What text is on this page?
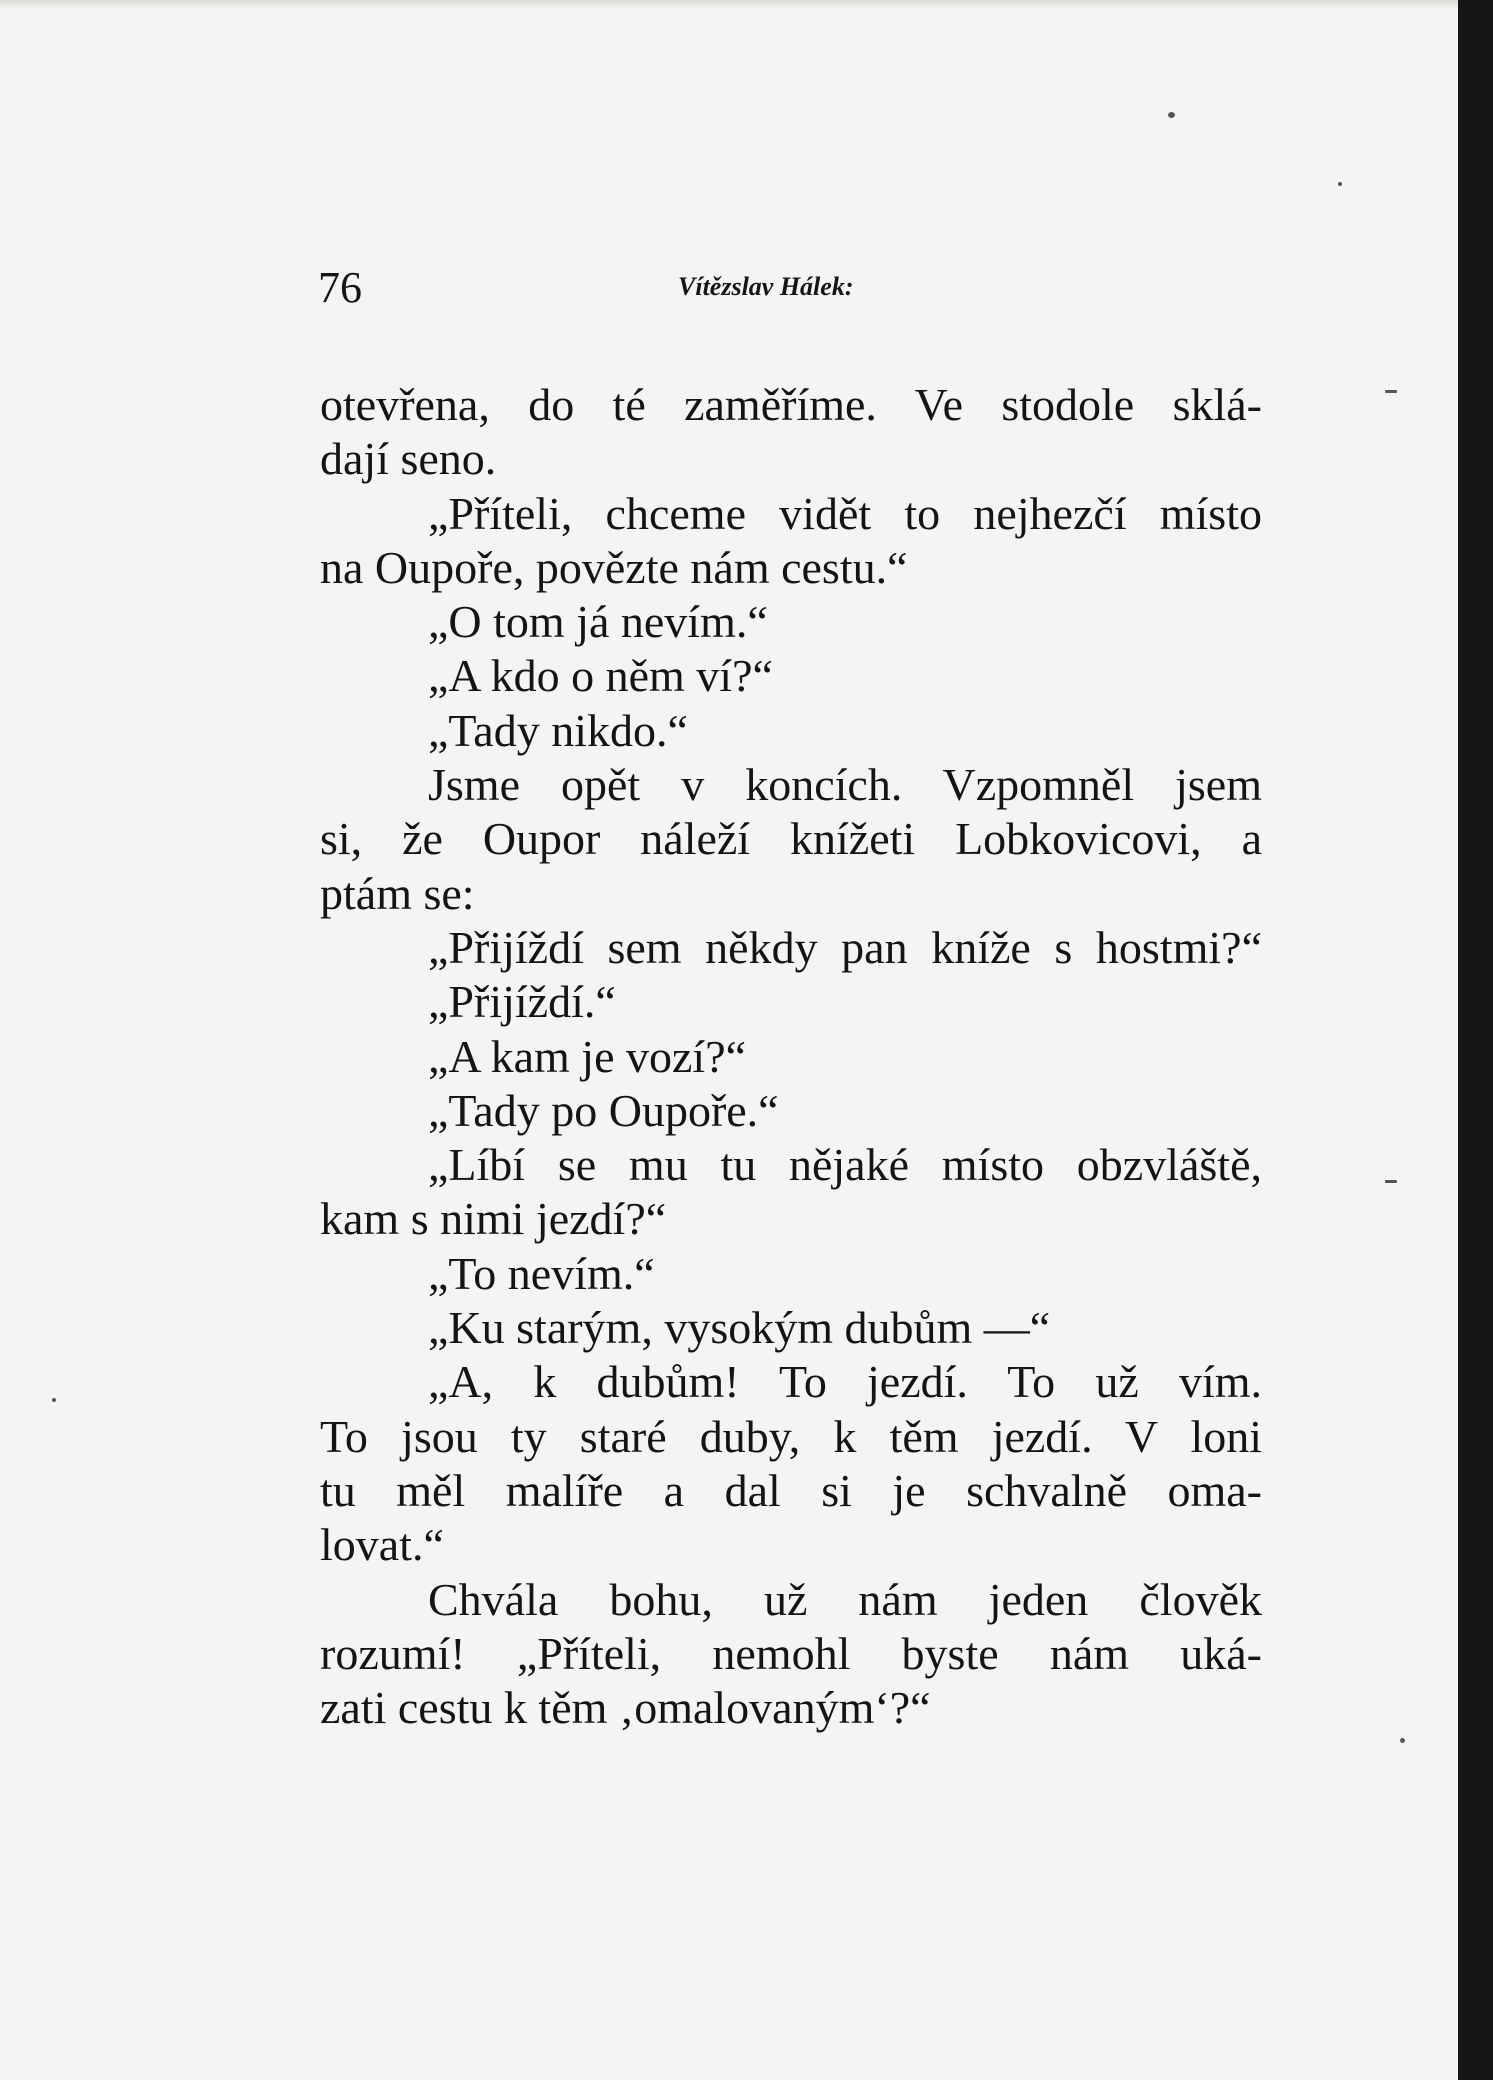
76	Vítězslav Hálek:
otevřena, do té zaměříme. Ve stodole sklá-
dají seno.
„Příteli, chceme vidět to nejhezčí místo
na Oupoře, povězte nám cestu.“
„O tom já nevím.“
„A kdo o něm ví?“
„Tady nikdo.“
Jsme opět v koncích. Vzpomněl jsem
si, že Oupor náleží knížeti Lobkovicovi, a
ptám se:
„Přijíždí sem někdy pan kníže s hostmi?“
„Přijíždí.“
„A kam je vozí?“
„Tady po Oupoře.“
„Líbí se mu tu nějaké místo obzvláště,
kam s nimi jezdí?“
„To nevím.“
„Ku starým, vysokým dubům —“
„A, k dubům! To jezdí. To už vím.
To jsou ty staré duby, k těm jezdí. V loni
tu měl malíře a dal si je schvalně oma-
lovat.“
Chvála bohu, už nám jeden člověk
rozumí! „Příteli, nemohl byste nám uká-
zati cestu k těm ‚omalovaným‘?“
